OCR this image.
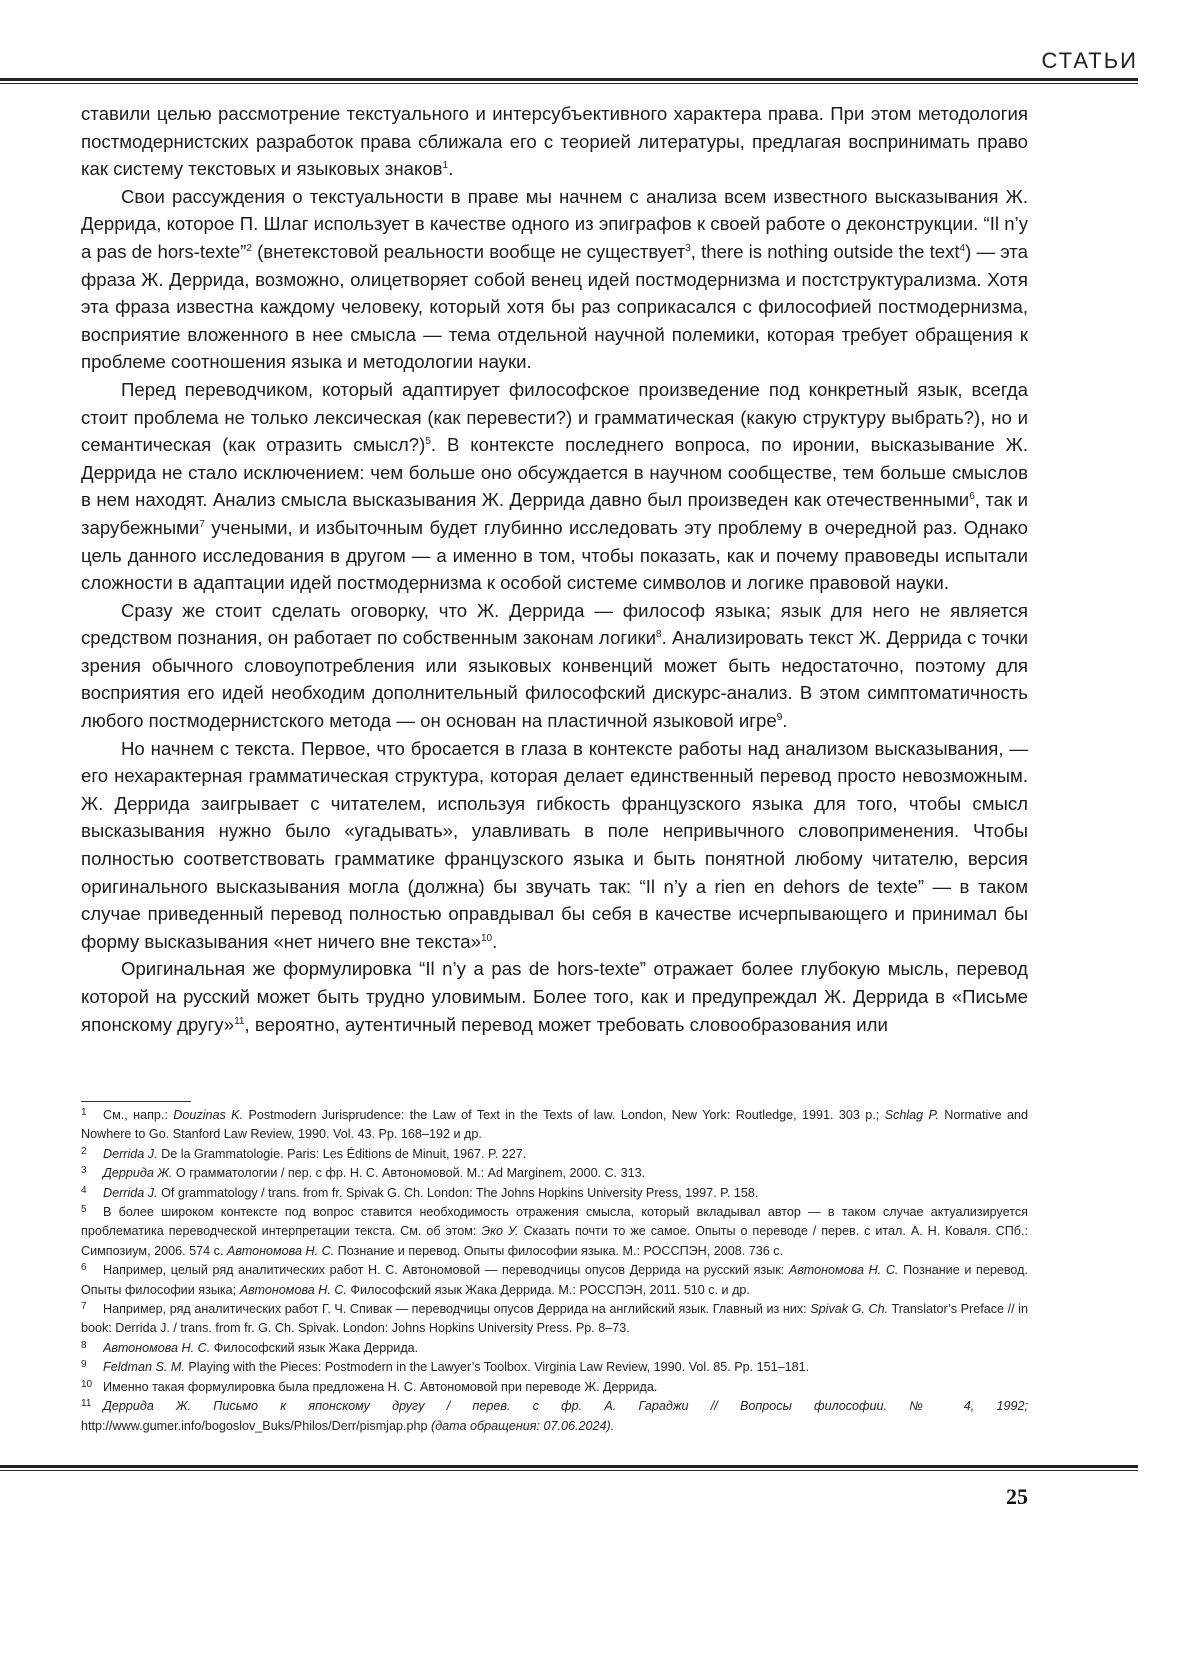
СТАТЬИ

ставили целью рассмотрение текстуального и интерсубъективного характера права. При этом методология постмодернистских разработок права сближала его с теорией литературы, предлагая воспринимать право как систему текстовых и языковых знаков$^1$.

Свои рассуждения о текстуальности в праве мы начнем с анализа всем известного высказывания Ж. Деррида, которое П. Шлаг использует в качестве одного из эпиграфов к своей работе о деконструкции. “Il n’y a pas de hors-texte”$^2$ (внетекстовой реальности вообще не существует$^3$, there is nothing outside the text$^4$) — эта фраза Ж. Деррида, возможно, олицетворяет собой венец идей постмодернизма и постструктурализма. Хотя эта фраза известна каждому человеку, который хотя бы раз соприкасался с философией постмодернизма, восприятие вложенного в нее смысла — тема отдельной научной полемики, которая требует обращения к проблеме соотношения языка и методологии науки.

Перед переводчиком, который адаптирует философское произведение под конкретный язык, всегда стоит проблема не только лексическая (как перевести?) и грамматическая (какую структуру выбрать?), но и семантическая (как отразить смысл?)$^5$. В контексте последнего вопроса, по иронии, высказывание Ж. Деррида не стало исключением: чем больше оно обсуждается в научном сообществе, тем больше смыслов в нем находят. Анализ смысла высказывания Ж. Деррида давно был произведен как отечественными$^6$, так и зарубежными$^7$ учеными, и избыточным будет глубинно исследовать эту проблему в очередной раз. Однако цель данного исследования в другом — а именно в том, чтобы показать, как и почему правоведы испытали сложности в адаптации идей постмодернизма к особой системе символов и логике правовой науки.

Сразу же стоит сделать оговорку, что Ж. Деррида — философ языка; язык для него не является средством познания, он работает по собственным законам логики$^8$. Анализировать текст Ж. Деррида с точки зрения обычного словоупотребления или языковых конвенций может быть недостаточно, поэтому для восприятия его идей необходим дополнительный философский дискурс-анализ. В этом симптоматичность любого постмодернистского метода — он основан на пластичной языковой игре$^9$.

Но начнем с текста. Первое, что бросается в глаза в контексте работы над анализом высказывания, — его нехарактерная грамматическая структура, которая делает единственный перевод просто невозможным. Ж. Деррида заигрывает с читателем, используя гибкость французского языка для того, чтобы смысл высказывания нужно было «угадывать», улавливать в поле непривычного словоприменения. Чтобы полностью соответствовать грамматике французского языка и быть понятной любому читателю, версия оригинального высказывания могла (должна) бы звучать так: “Il n’y a rien en dehors de texte” — в таком случае приведенный перевод полностью оправдывал бы себя в качестве исчерпывающего и принимал бы форму высказывания «нет ничего вне текста»$^{10}$.

Оригинальная же формулировка “Il n’y a pas de hors-texte” отражает более глубокую мысль, перевод которой на русский может быть трудно уловимым. Более того, как и предупреждал Ж. Деррида в «Письме японскому другу»$^{11}$, вероятно, аутентичный перевод может требовать словообразования или

1 См., напр.: Douzinas K. Postmodern Jurisprudence: the Law of Text in the Texts of law. London, New York: Routledge, 1991. 303 p.; Schlag P. Normative and Nowhere to Go. Stanford Law Review, 1990. Vol. 43. Pp. 168–192 и др.

2 Derrida J. De la Grammatologie. Paris: Les Éditions de Minuit, 1967. P. 227.

3 Деррида Ж. О грамматологии / пер. с фр. Н. С. Автономовой. М.: Ad Marginem, 2000. С. 313.

4 Derrida J. Of grammatology / trans. from fr. Spivak G. Ch. London: The Johns Hopkins University Press, 1997. P. 158.

5 В более широком контексте под вопрос ставится необходимость отражения смысла, который вкладывал автор — в таком случае актуализируется проблематика переводческой интерпретации текста. См. об этом: Эко У. Сказать почти то же самое. Опыты о переводе / перев. с итал. А. Н. Коваля. СПб.: Симпозиум, 2006. 574 с. Автономова Н. С. Познание и перевод. Опыты философии языка. М.: РОССПЭН, 2008. 736 с.

6 Например, целый ряд аналитических работ Н. С. Автономовой — переводчицы опусов Деррида на русский язык: Автономова Н. С. Познание и перевод. Опыты философии языка; Автономова Н. С. Философский язык Жака Деррида. М.: РОССПЭН, 2011. 510 с. и др.

7 Например, ряд аналитических работ Г. Ч. Спивак — переводчицы опусов Деррида на английский язык. Главный из них: Spivak G. Ch. Translator’s Preface // in book: Derrida J. / trans. from fr. G. Ch. Spivak. London: Johns Hopkins University Press. Pp. 8–73.

8 Автономова Н. С. Философский язык Жака Деррида.

9 Feldman S. M. Playing with the Pieces: Postmodern in the Lawyer’s Toolbox. Virginia Law Review, 1990. Vol. 85. Pp. 151–181.

10 Именно такая формулировка была предложена Н. С. Автономовой при переводе Ж. Деррида.

11 Деррида Ж. Письмо к японскому другу / перев. с фр. А. Гараджи // Вопросы философии. № 4, 1992; http://www.gumer.info/bogoslov_Buks/Philos/Derr/pismjap.php (дата обращения: 07.06.2024).

25
